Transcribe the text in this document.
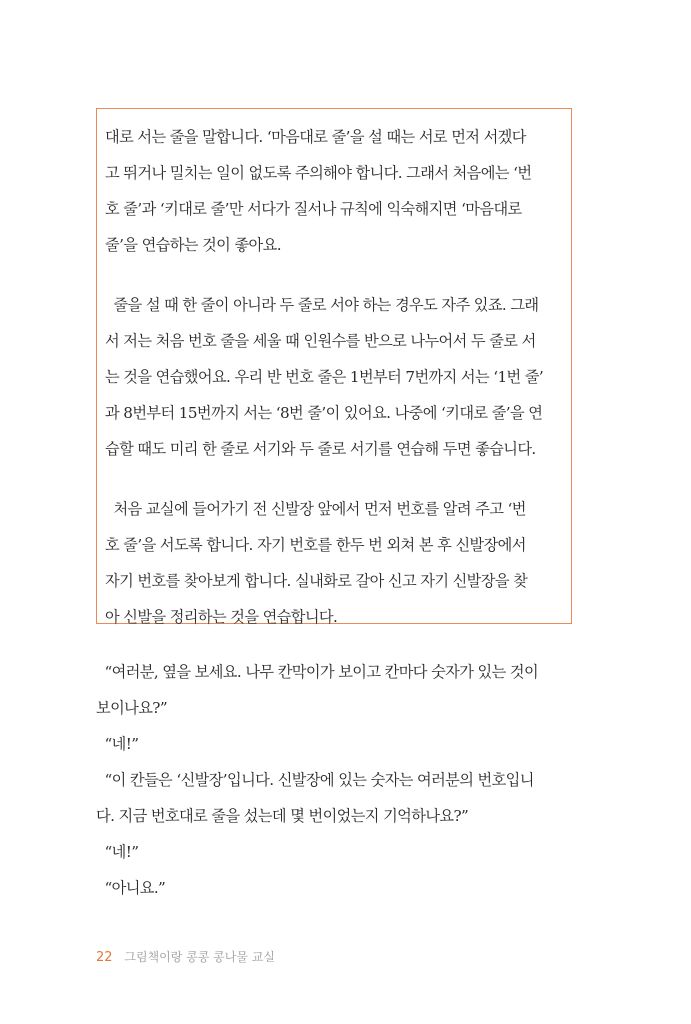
대로 서는 줄을 말합니다. ‘마음대로 줄’을 설 때는 서로 먼저 서겠다
고 뛰거나 밀치는 일이 없도록 주의해야 합니다. 그래서 처음에는 ‘번
호 줄’과 ‘키대로 줄’만 서다가 질서나 규칙에 익숙해지면 ‘마음대로
줄’을 연습하는 것이 좋아요.
줄을 설 때 한 줄이 아니라 두 줄로 서야 하는 경우도 자주 있죠. 그래
서 저는 처음 번호 줄을 세울 때 인원수를 반으로 나누어서 두 줄로 서
는 것을 연습했어요. 우리 반 번호 줄은 1번부터 7번까지 서는 ‘1번 줄’
과 8번부터 15번까지 서는 ‘8번 줄’이 있어요. 나중에 ‘키대로 줄’을 연
습할 때도 미리 한 줄로 서기와 두 줄로 서기를 연습해 두면 좋습니다.
처음 교실에 들어가기 전 신발장 앞에서 먼저 번호를 알려 주고 ‘번
호 줄’을 서도록 합니다. 자기 번호를 한두 번 외쳐 본 후 신발장에서
자기 번호를 찾아보게 합니다. 실내화로 갈아 신고 자기 신발장을 찾
아 신발을 정리하는 것을 연습합니다.
“여러분, 옆을 보세요. 나무 칸막이가 보이고 칸마다 숫자가 있는 것이
보이나요?”
“네!”
“이 칸들은 ‘신발장’입니다. 신발장에 있는 숫자는 여러분의 번호입니
다. 지금 번호대로 줄을 섰는데 몇 번이었는지 기억하나요?”
“네!”
“아니요.”
22 그림책이랑 콩콩 콩나물 교실
